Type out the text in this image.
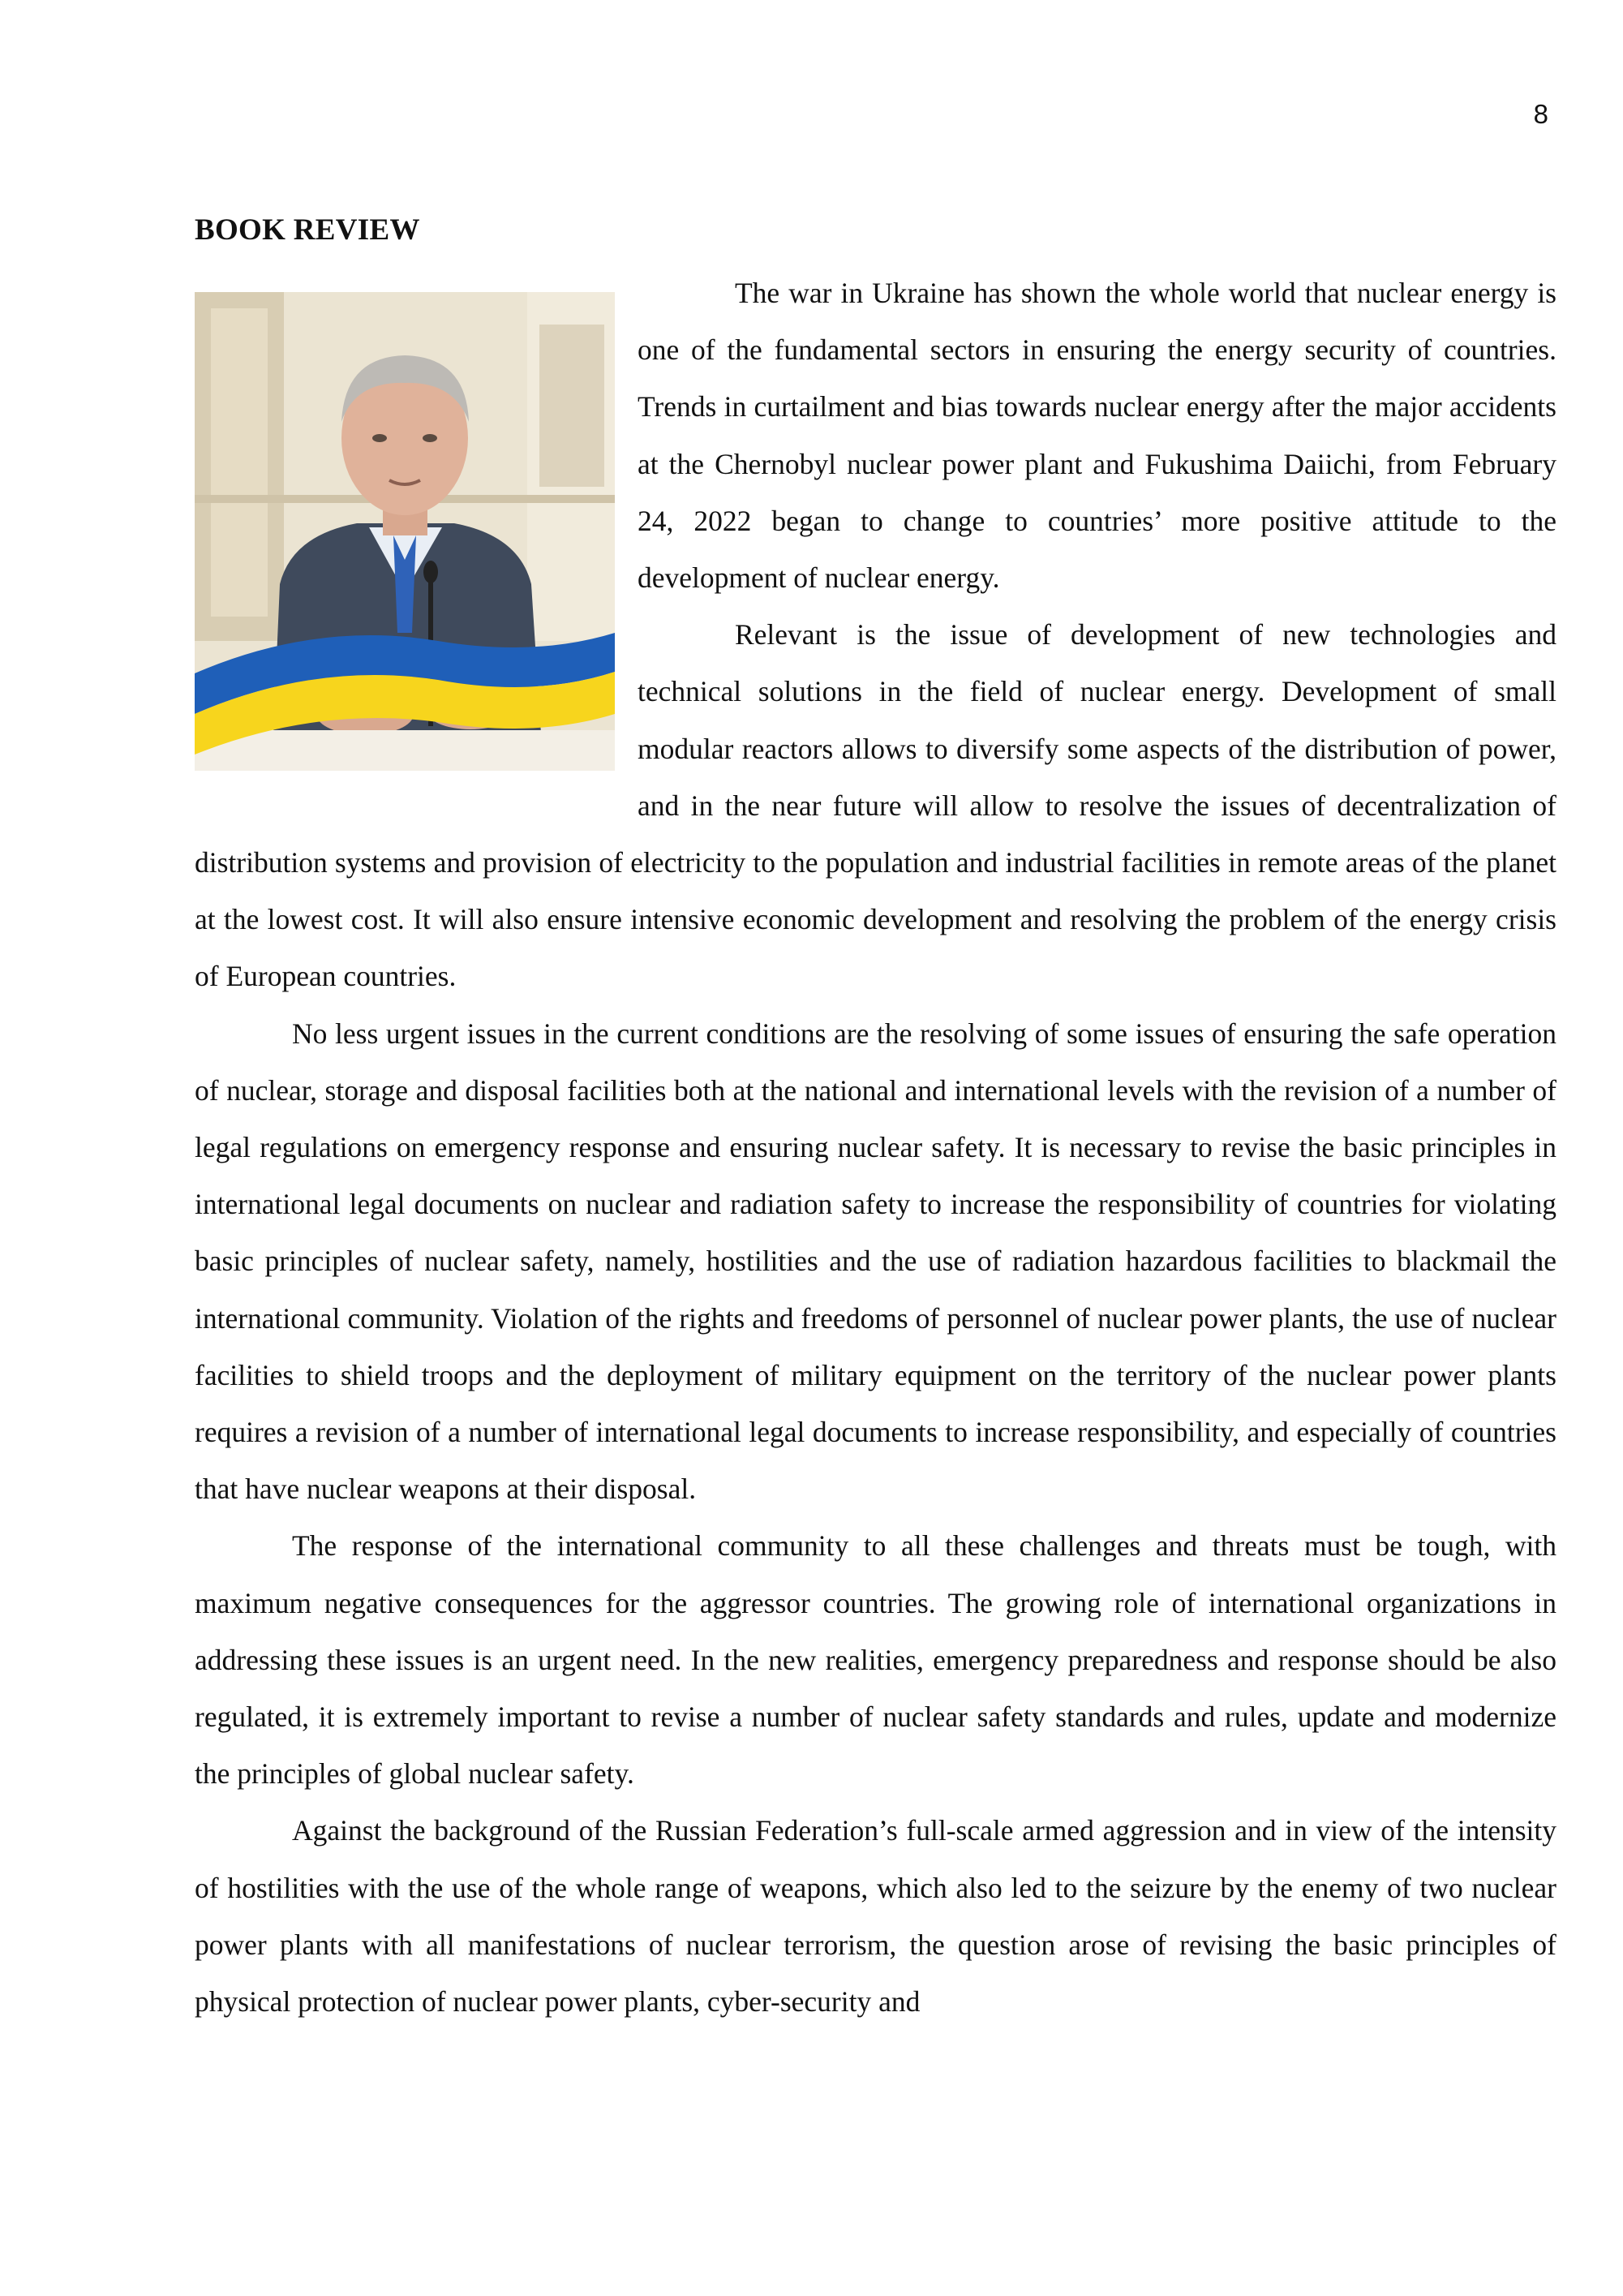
8
BOOK REVIEW

The war in Ukraine has shown the whole world that nuclear energy is one of the fundamental sectors in ensuring the energy security of countries. Trends in curtailment and bias towards nuclear energy after the major accidents at the Chernobyl nuclear power plant and Fukushima Daiichi, from February 24, 2022 began to change to countries’ more positive attitude to the development of nuclear energy.

Relevant is the issue of development of new technologies and technical solutions in the field of nuclear energy. Development of small modular reactors allows to diversify some aspects of the distribution of power, and in the near future will allow to resolve the issues of decentralization of distribution systems and provision of electricity to the population and industrial facilities in remote areas of the planet at the lowest cost. It will also ensure intensive economic development and resolving the problem of the energy crisis of European countries.

No less urgent issues in the current conditions are the resolving of some issues of ensuring the safe operation of nuclear, storage and disposal facilities both at the national and international levels with the revision of a number of legal regulations on emergency response and ensuring nuclear safety. It is necessary to revise the basic principles in international legal documents on nuclear and radiation safety to increase the responsibility of countries for violating basic principles of nuclear safety, namely, hostilities and the use of radiation hazardous facilities to blackmail the international community. Violation of the rights and freedoms of personnel of nuclear power plants, the use of nuclear facilities to shield troops and the deployment of military equipment on the territory of the nuclear power plants requires a revision of a number of international legal documents to increase responsibility, and especially of countries that have nuclear weapons at their disposal.

The response of the international community to all these challenges and threats must be tough, with maximum negative consequences for the aggressor countries. The growing role of international organizations in addressing these issues is an urgent need. In the new realities, emergency preparedness and response should be also regulated, it is extremely important to revise a number of nuclear safety standards and rules, update and modernize the principles of global nuclear safety.

Against the background of the Russian Federation’s full-scale armed aggression and in view of the intensity of hostilities with the use of the whole range of weapons, which also led to the seizure by the enemy of two nuclear power plants with all manifestations of nuclear terrorism, the question arose of revising the basic principles of physical protection of nuclear power plants, cyber-security and
